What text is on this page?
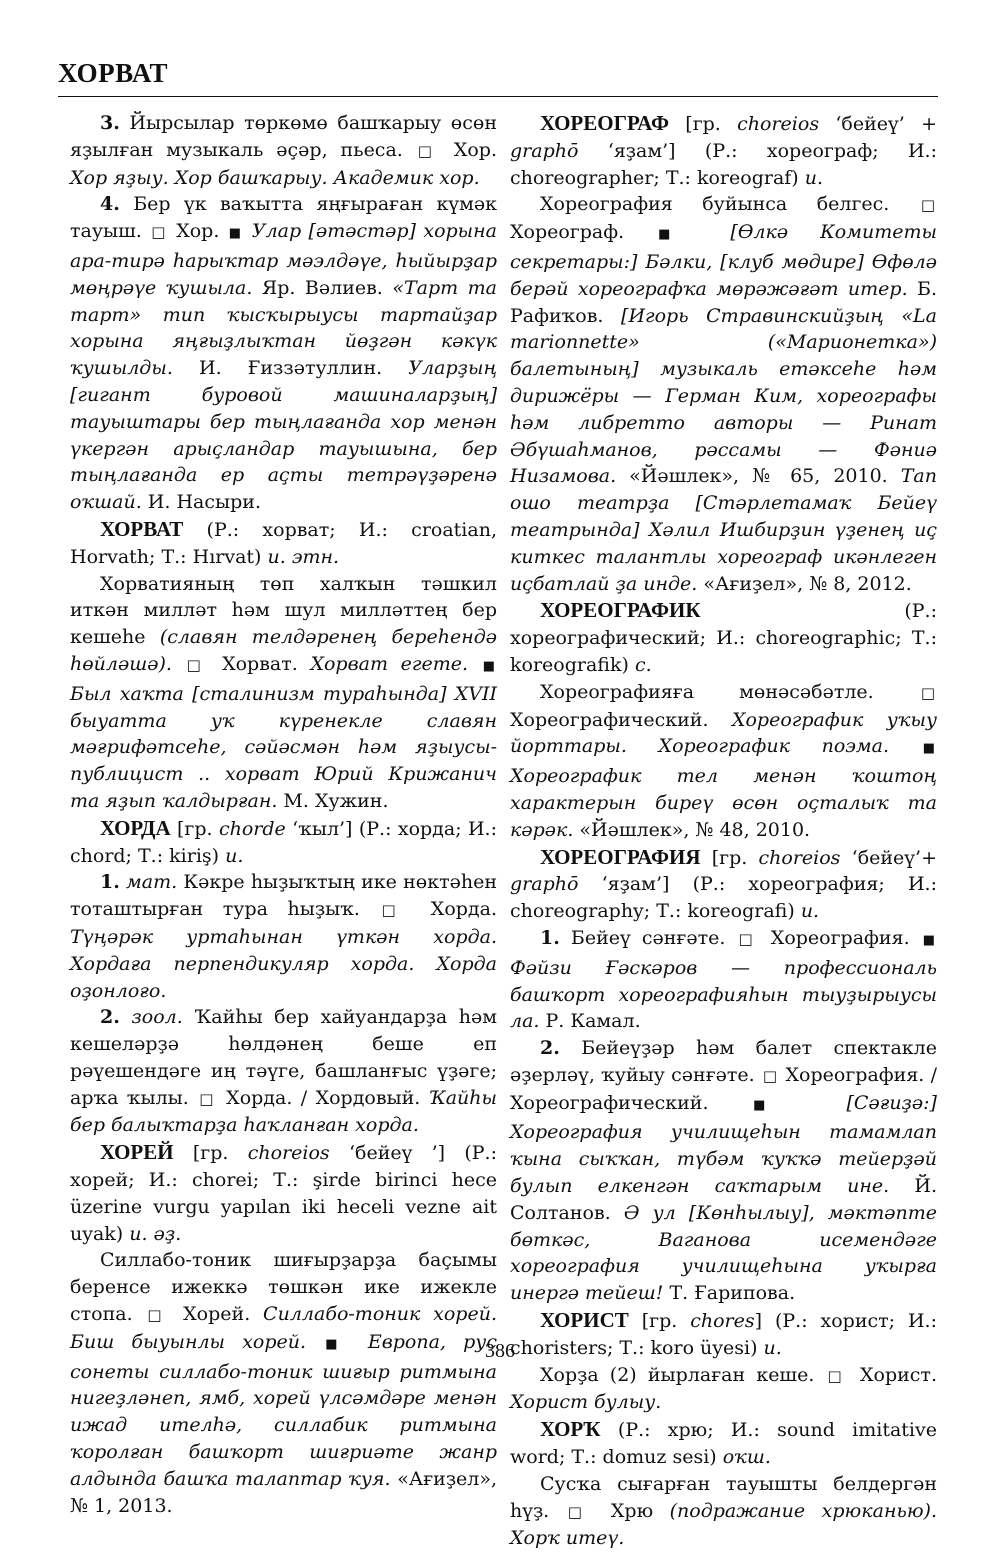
ХОРВАТ

3. Йырсылар төркөмө башҡарыу өсөн яҙылған музыкаль әҫәр, пьеса. □ Хор. Хор яҙыу. Хор башҡарыу. Академик хор.

4. Бер үк ваҡытта яңғыраған күмәк тауыш. □ Хор. ■ Улар [әтәстәр] хорына ара-тирә һарыҡтар мәэлдәүе, һыйырҙар мөңрәүе ҡушыла. Яр. Вәлиев. «Тарт та тарт» тип ҡысҡырыусы тартайҙар хорына яңғыҙлыҡтан йөҙгән кәкүк ҡушылды. И. Ғиззәтуллин. Уларҙың [гигант буровой машиналарҙың] тауыштары бер тыңлағанда хор менән үкергән арыҫландар тауышына, бер тыңлағанда ер аҫты тетрәүҙәренә оҡшай. И. Насыри.

ХОРВАТ (Р.: хорват; И.: croatian, Horvath; Т.: Hırvat) и. этн.

Хорватияның төп халҡын тәшкил иткән милләт һәм шул милләттең бер кешеһе (славян телдәренең береһендә һөйләшә). □ Хорват. Хорват егете. ■ Был хаҡта [сталинизм тураһында] XVII быуатта уҡ күренекле славян мәғрифәтсеһе, сәйәсмән һәм яҙыусы-публицист .. хорват Юрий Крижанич та яҙып ҡалдырған. М. Хужин.

ХОРДА [гр. chorde ‘ҡыл’] (Р.: хорда; И.: chord; Т.: kiriş) и.

1. мат. Кәкре һыҙыҡтың ике нөктәһен тоташтырған тура һыҙыҡ. □ Хорда. Түңәрәк уртаһынан үткән хорда. Хордаға перпендикуляр хорда. Хорда оҙонлоғо.

2. зоол. Ҡайһы бер хайуандарҙа һәм кешеләрҙә һөлдәнең беше еп рәүешендәге иң тәүге, башланғыс үҙәге; арҡа ҡылы. □ Хорда. / Хордовый. Ҡайһы бер балыҡтарҙа һаҡланған хорда.

ХОРЕЙ [гр. choreios ‘бейеү ’] (Р.: хорей; И.: chorei; Т.: şirde birinci hece üzerine vurgu yapılan iki heceli vezne ait uyak) и. әҙ.

Силлабо-тоник шиғырҙарҙа баҫымы беренсе ижеккә төшкән ике ижекле стопа. □ Хорей. Силлабо-тоник хорей. Биш быуынлы хорей. ■ Европа, рус сонеты силлабо-тоник шиғыр ритмына нигеҙләнеп, ямб, хорей үлсәмдәре менән ижад ителһә, силлабик ритмына ҡоролған башҡорт шиғриәте жанр алдында башҡа талаптар ҡуя. «Ағиҙел», № 1, 2013.

ХОРЕОГРАФ [гр. choreios ‘бейеү’ + graphō ‘яҙам’] (Р.: хореограф; И.: choreographer; Т.: koreograf) и.

Хореография буйынса белгес. □ Хореограф. ■ [Өлкә Комитеты секретары:] Бәлки, [клуб мөдире] Өфөлә берәй хореографҡа мөрәжәғәт итер. Б. Рафиҡов. [Игорь Стравинскийҙың «La marionnette» («Марионетка») балетының] музыкаль етәксеһе һәм дирижёры — Герман Ким, хореографы һәм либретто авторы — Ринат Әбүшаһманов, рәссамы — Фәниә Низамова. «Йәшлек», № 65, 2010. Тап ошо театрҙа [Стәрлетамаҡ Бейеү театрында] Хәлил Ишбирҙин үҙенең иҫ киткес талантлы хореограф икәнлеген иҫбатлай ҙа инде. «Ағиҙел», № 8, 2012.

ХОРЕОГРАФИК (Р.: хореографический; И.: choreographic; Т.: koreografik) с.

Хореографияға мөнәсәбәтле. □ Хореографический. Хореографик уҡыу йорттары. Хореографик поэма.	■ Хореографик тел менән ҡоштоң характерын биреү өсөн оҫталыҡ та кәрәк. «Йәшлек», № 48, 2010.

ХОРЕОГРАФИЯ [гр. choreios ‘бейеү’+ graphō ‘яҙам’] (Р.: хореография; И.: choreography; Т.: koreografi) и.

1. Бейеү сәнғәте. □ Хореография. ■ Фәйзи Ғәскәров — профессиональ башҡорт хореографияһын тыуҙырыусы ла. Р. Камал.

2. Бейеүҙәр һәм балет спектакле әҙерләү, ҡуйыу сәнғәте. □ Хореография. / Хореографический. ■ [Сәғиҙә:] Хореография училищеһын тамамлап ҡына сыҡҡан, түбәм ҡуҡҡә тейерҙәй булып елкенгән саҡтарым ине. Й. Солтанов. Ә ул [Көнһылыу], мәктәпте бөткәс, Ваганова исемендәге хореография училищеһына уҡырға инергә тейеш! Т. Ғарипова.

ХОРИСТ [гр. chores] (Р.: хорист; И.: choristers; Т.: koro üyesi) и.

Хорҙа (2) йырлаған кеше. □ Хорист. Хорист булыу.

ХОРҠ (Р.: хрю; И.: sound imitative word; Т.: domuz sesi) оҡш.

Сусҡа сығарған тауышты белдергән һүҙ. □ Хрю (подражание хрюканью). Хорҡ итеү.

386
